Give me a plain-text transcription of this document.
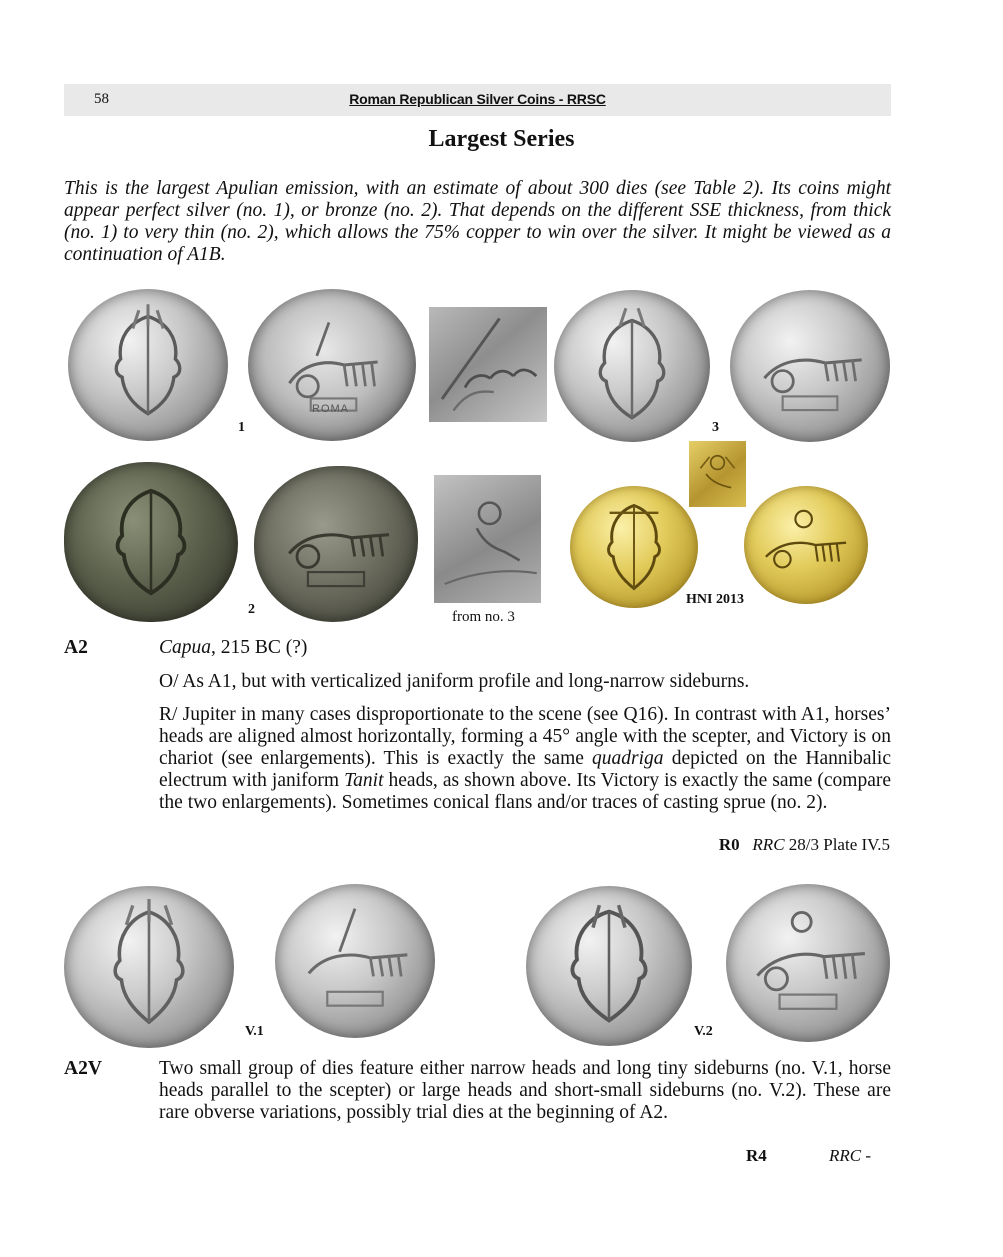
58	Roman Republican Silver Coins - RRSC
Largest Series

This is the largest Apulian emission, with an estimate of about 300 dies (see Table 2). Its coins might appear perfect silver (no. 1), or bronze (no. 2). That depends on the different SSE thickness, from thick (no. 1) to very thin (no. 2), which allows the 75% copper to win over the silver. It might be viewed as a continuation of A1B.

ROMA
1	3
2	from no. 3
HNI 2013
A2	Capua, 215 BC (?)

O/ As A1, but with verticalized janiform profile and long-narrow sideburns.

R/ Jupiter in many cases disproportionate to the scene (see Q16). In contrast with A1, horses’ heads are aligned almost horizontally, forming a 45° angle with the scepter, and Victory is on chariot (see enlargements). This is exactly the same quadriga depicted on the Hannibalic electrum with janiform Tanit heads, as shown above. Its Victory is exactly the same (compare the two enlargements). Sometimes conical flans and/or traces of casting sprue (no. 2).

R0 RRC 28/3 Plate IV.5
V.1	V.2
A2V	Two small group of dies feature either narrow heads and long tiny sideburns (no. V.1, horse heads parallel to the scepter) or large heads and short-small sideburns (no. V.2). These are rare obverse variations, possibly trial dies at the beginning of A2.

R4	RRC -
